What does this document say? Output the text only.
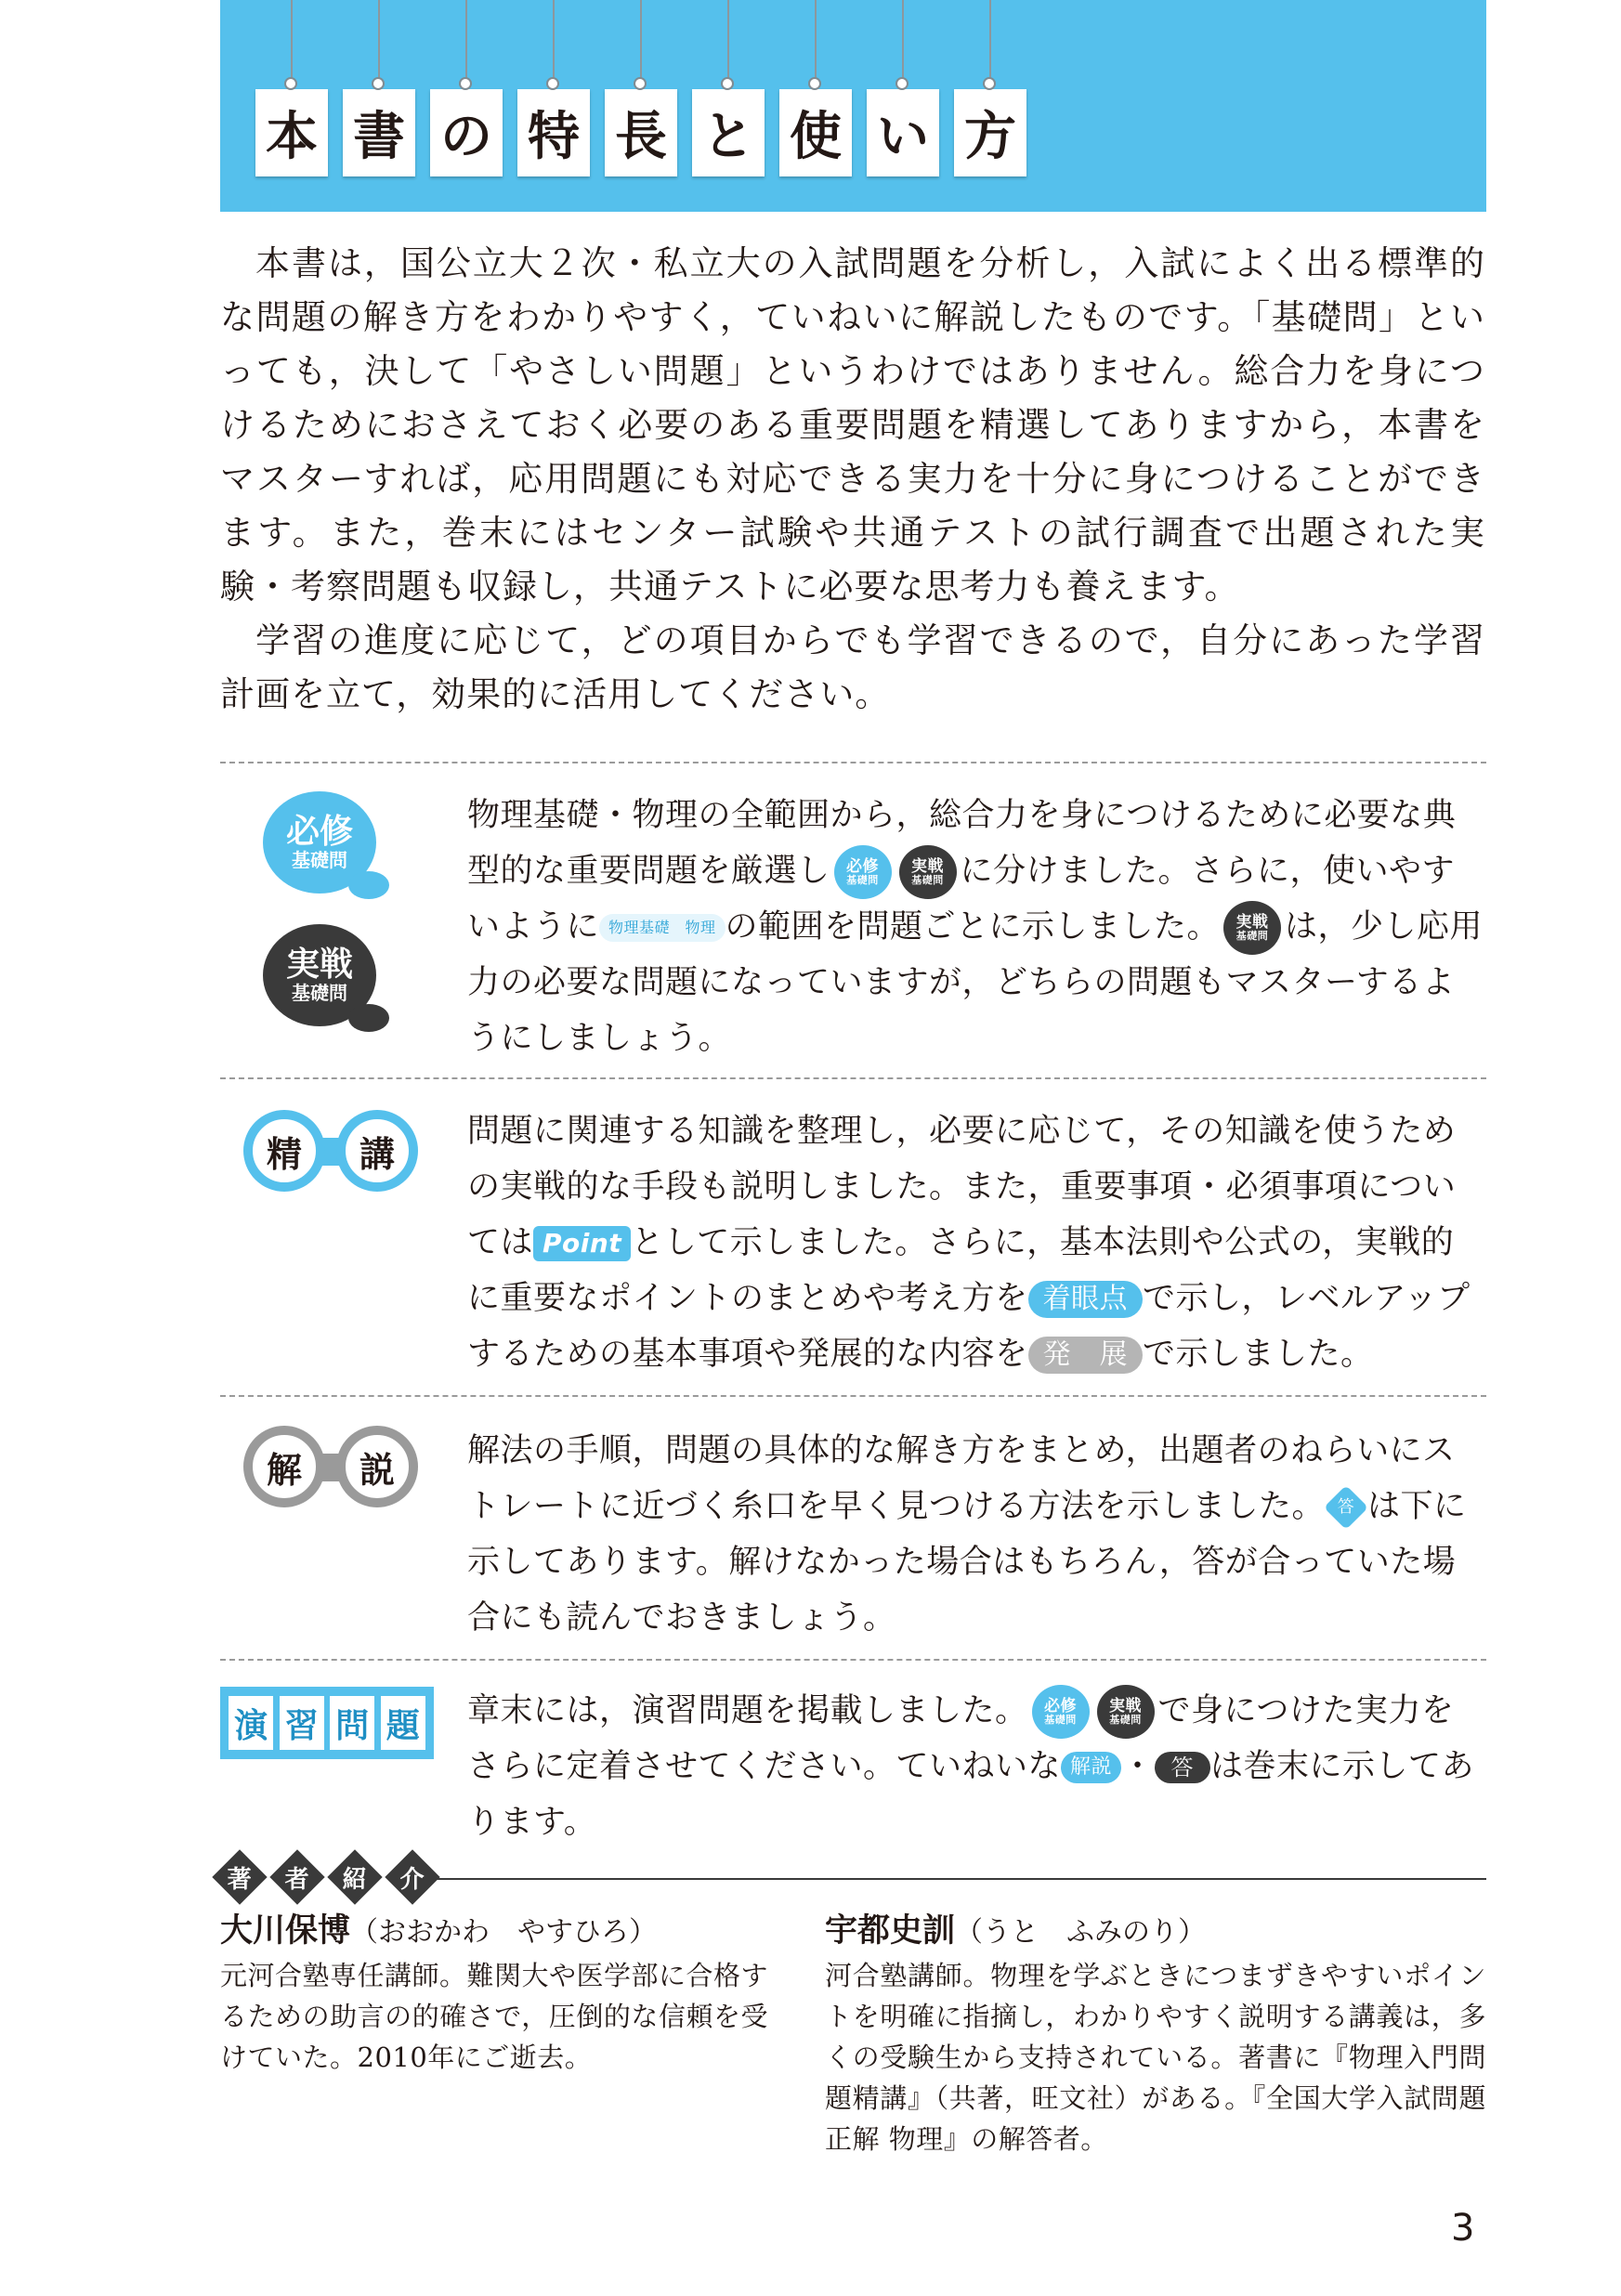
本 書 の 特 長 と 使 い 方

本書は，国公立大２次・私立大の入試問題を分析し，入試によく出る標準的な問題の解き方をわかりやすく，ていねいに解説したものです。「基礎問」といっても，決して「やさしい問題」というわけではありません。総合力を身につけるためにおさえておく必要のある重要問題を精選してありますから，本書をマスターすれば，応用問題にも対応できる実力を十分に身につけることができます。また，巻末にはセンター試験や共通テストの試行調査で出題された実験・考察問題も収録し，共通テストに必要な思考力も養えます。

学習の進度に応じて，どの項目からでも学習できるので，自分にあった学習計画を立て，効果的に活用してください。

必修
基礎問
実戦
基礎問
物理基礎・物理の全範囲から，総合力を身につけるために必要な典型的な重要問題を厳選し 必修
基礎問
実戦
基礎問 に分けました。さらに，使いやすいように 物理基礎　物理 の範囲を問題ごとに示しました。 実戦
基礎問 は，少し応用力の必要な問題になっていますが，どちらの問題もマスターするようにしましょう。
精	講
問題に関連する知識を整理し，必要に応じて，その知識を使うための実戦的な手段も説明しました。また，重要事項・必須事項については Point として示しました。さらに，基本法則や公式の，実戦的に重要なポイントのまとめや考え方を 着眼点 で示し，レベルアップするための基本事項や発展的な内容を 発　展 で示しました。
解	説	解法の手順，問題の具体的な解き方をまとめ，出題者のねらいにストレートに近づく糸口を早く見つける方法を示しました。 答 は下に示してあります。解けなかった場合はもちろん，答が合っていた場合にも読んでおきましょう。
演 習 問 題 章末には，演習問題を掲載しました。 必修
基礎問
実戦
基礎問 で身につけた実力をさらに定着させてください。ていねいな 解説 ・ 答 は巻末に示してあります。
著 者 紹 介
大川保博（おおかわ　やすひろ）
元河合塾専任講師。難関大や医学部に合格するための助言の的確さで，圧倒的な信頼を受けていた。2010年にご逝去。
宇都史訓（うと　ふみのり）
河合塾講師。物理を学ぶときにつまずきやすいポイントを明確に指摘し，わかりやすく説明する講義は，多くの受験生から支持されている。著書に『物理入門問題精講』（共著，旺文社）がある。『全国大学入試問題正解 物理』の解答者。
3
